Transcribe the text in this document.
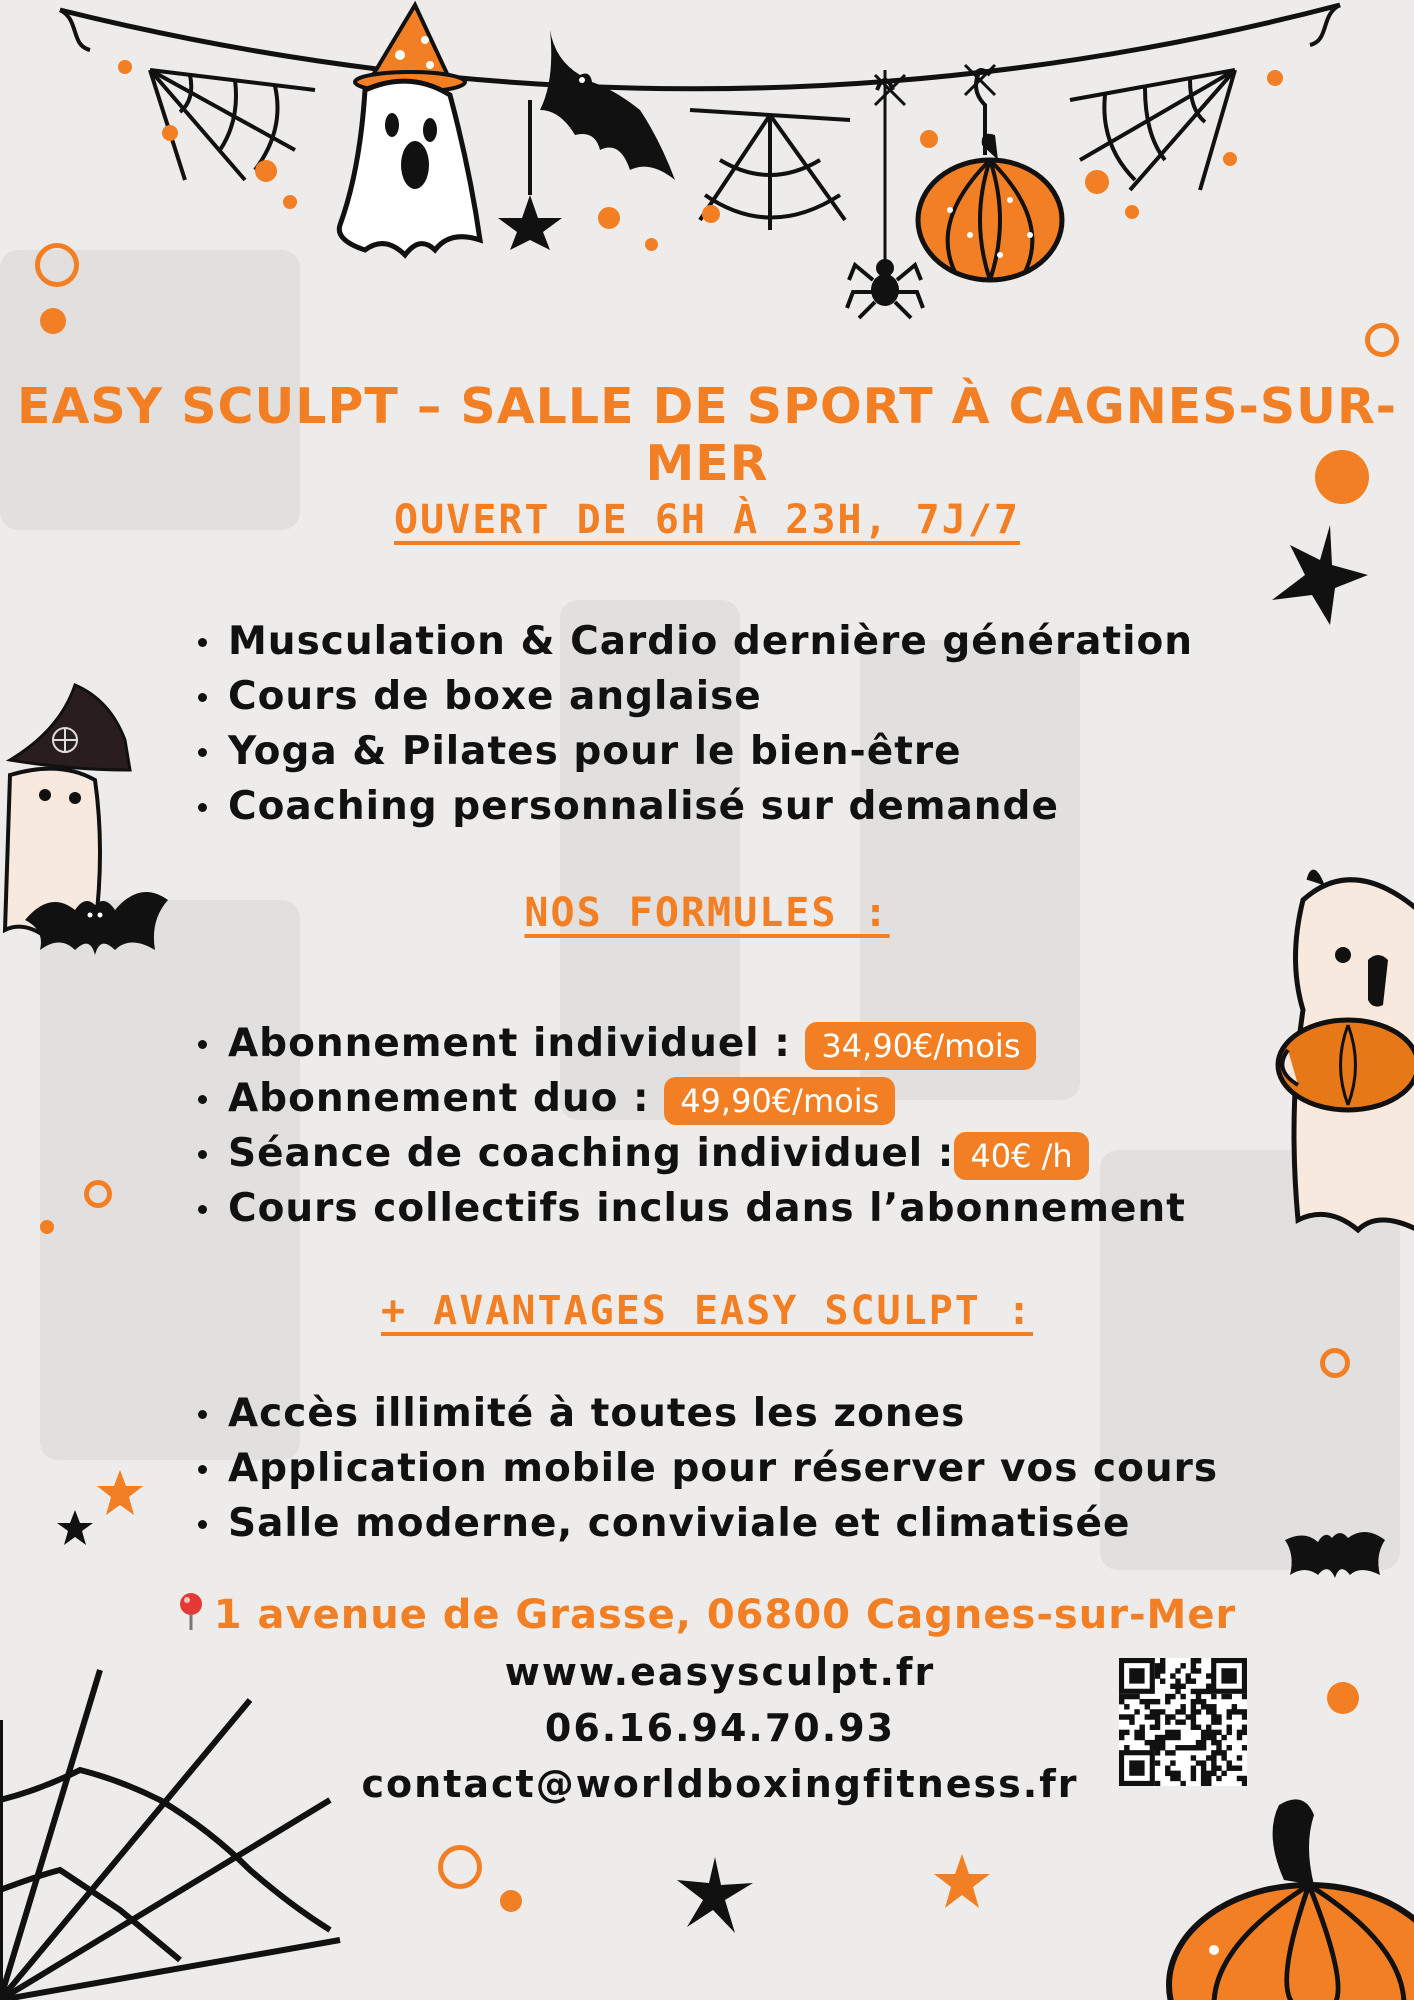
EASY SCULPT – SALLE DE SPORT À CAGNES-SUR-MER
OUVERT DE 6H À 23H, 7J/7
Musculation & Cardio dernière génération
Cours de boxe anglaise
Yoga & Pilates pour le bien-être
Coaching personnalisé sur demande
NOS FORMULES :
Abonnement individuel : 34,90€/mois
Abonnement duo : 49,90€/mois
Séance de coaching individuel : 40€ /h
Cours collectifs inclus dans l’abonnement
+ AVANTAGES EASY SCULPT :
Accès illimité à toutes les zones
Application mobile pour réserver vos cours
Salle moderne, conviviale et climatisée
1 avenue de Grasse, 06800 Cagnes-sur-Mer
www.easysculpt.fr
06.16.94.70.93
contact@worldboxingfitness.fr
